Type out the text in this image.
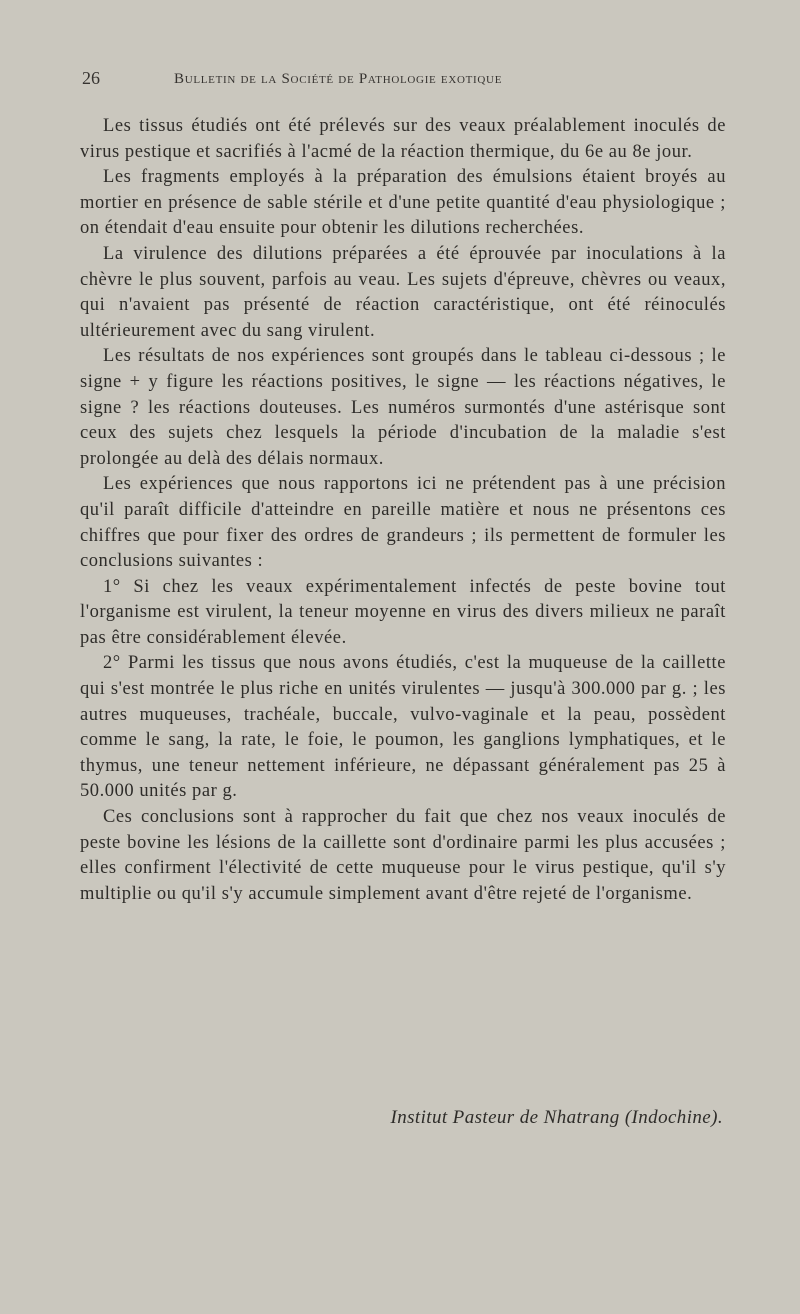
26	Bulletin de la Société de Pathologie exotique

Les tissus étudiés ont été prélevés sur des veaux préalablement inoculés de virus pestique et sacrifiés à l'acmé de la réaction thermique, du 6e au 8e jour.

Les fragments employés à la préparation des émulsions étaient broyés au mortier en présence de sable stérile et d'une petite quantité d'eau physiologique ; on étendait d'eau ensuite pour obtenir les dilutions recherchées.

La virulence des dilutions préparées a été éprouvée par inoculations à la chèvre le plus souvent, parfois au veau. Les sujets d'épreuve, chèvres ou veaux, qui n'avaient pas présenté de réaction caractéristique, ont été réinoculés ultérieurement avec du sang virulent.

Les résultats de nos expériences sont groupés dans le tableau ci-dessous ; le signe + y figure les réactions positives, le signe — les réactions négatives, le signe ? les réactions douteuses. Les numéros surmontés d'une astérisque sont ceux des sujets chez lesquels la période d'incubation de la maladie s'est prolongée au delà des délais normaux.

Les expériences que nous rapportons ici ne prétendent pas à une précision qu'il paraît difficile d'atteindre en pareille matière et nous ne présentons ces chiffres que pour fixer des ordres de grandeurs ; ils permettent de formuler les conclusions suivantes :

1° Si chez les veaux expérimentalement infectés de peste bovine tout l'organisme est virulent, la teneur moyenne en virus des divers milieux ne paraît pas être considérablement élevée.

2° Parmi les tissus que nous avons étudiés, c'est la muqueuse de la caillette qui s'est montrée le plus riche en unités virulentes — jusqu'à 300.000 par g. ; les autres muqueuses, trachéale, buccale, vulvo-vaginale et la peau, possèdent comme le sang, la rate, le foie, le poumon, les ganglions lymphatiques, et le thymus, une teneur nettement inférieure, ne dépassant généralement pas 25 à 50.000 unités par g.

Ces conclusions sont à rapprocher du fait que chez nos veaux inoculés de peste bovine les lésions de la caillette sont d'ordinaire parmi les plus accusées ; elles confirment l'électivité de cette muqueuse pour le virus pestique, qu'il s'y multiplie ou qu'il s'y accumule simplement avant d'être rejeté de l'organisme.

Institut Pasteur de Nhatrang (Indochine).
